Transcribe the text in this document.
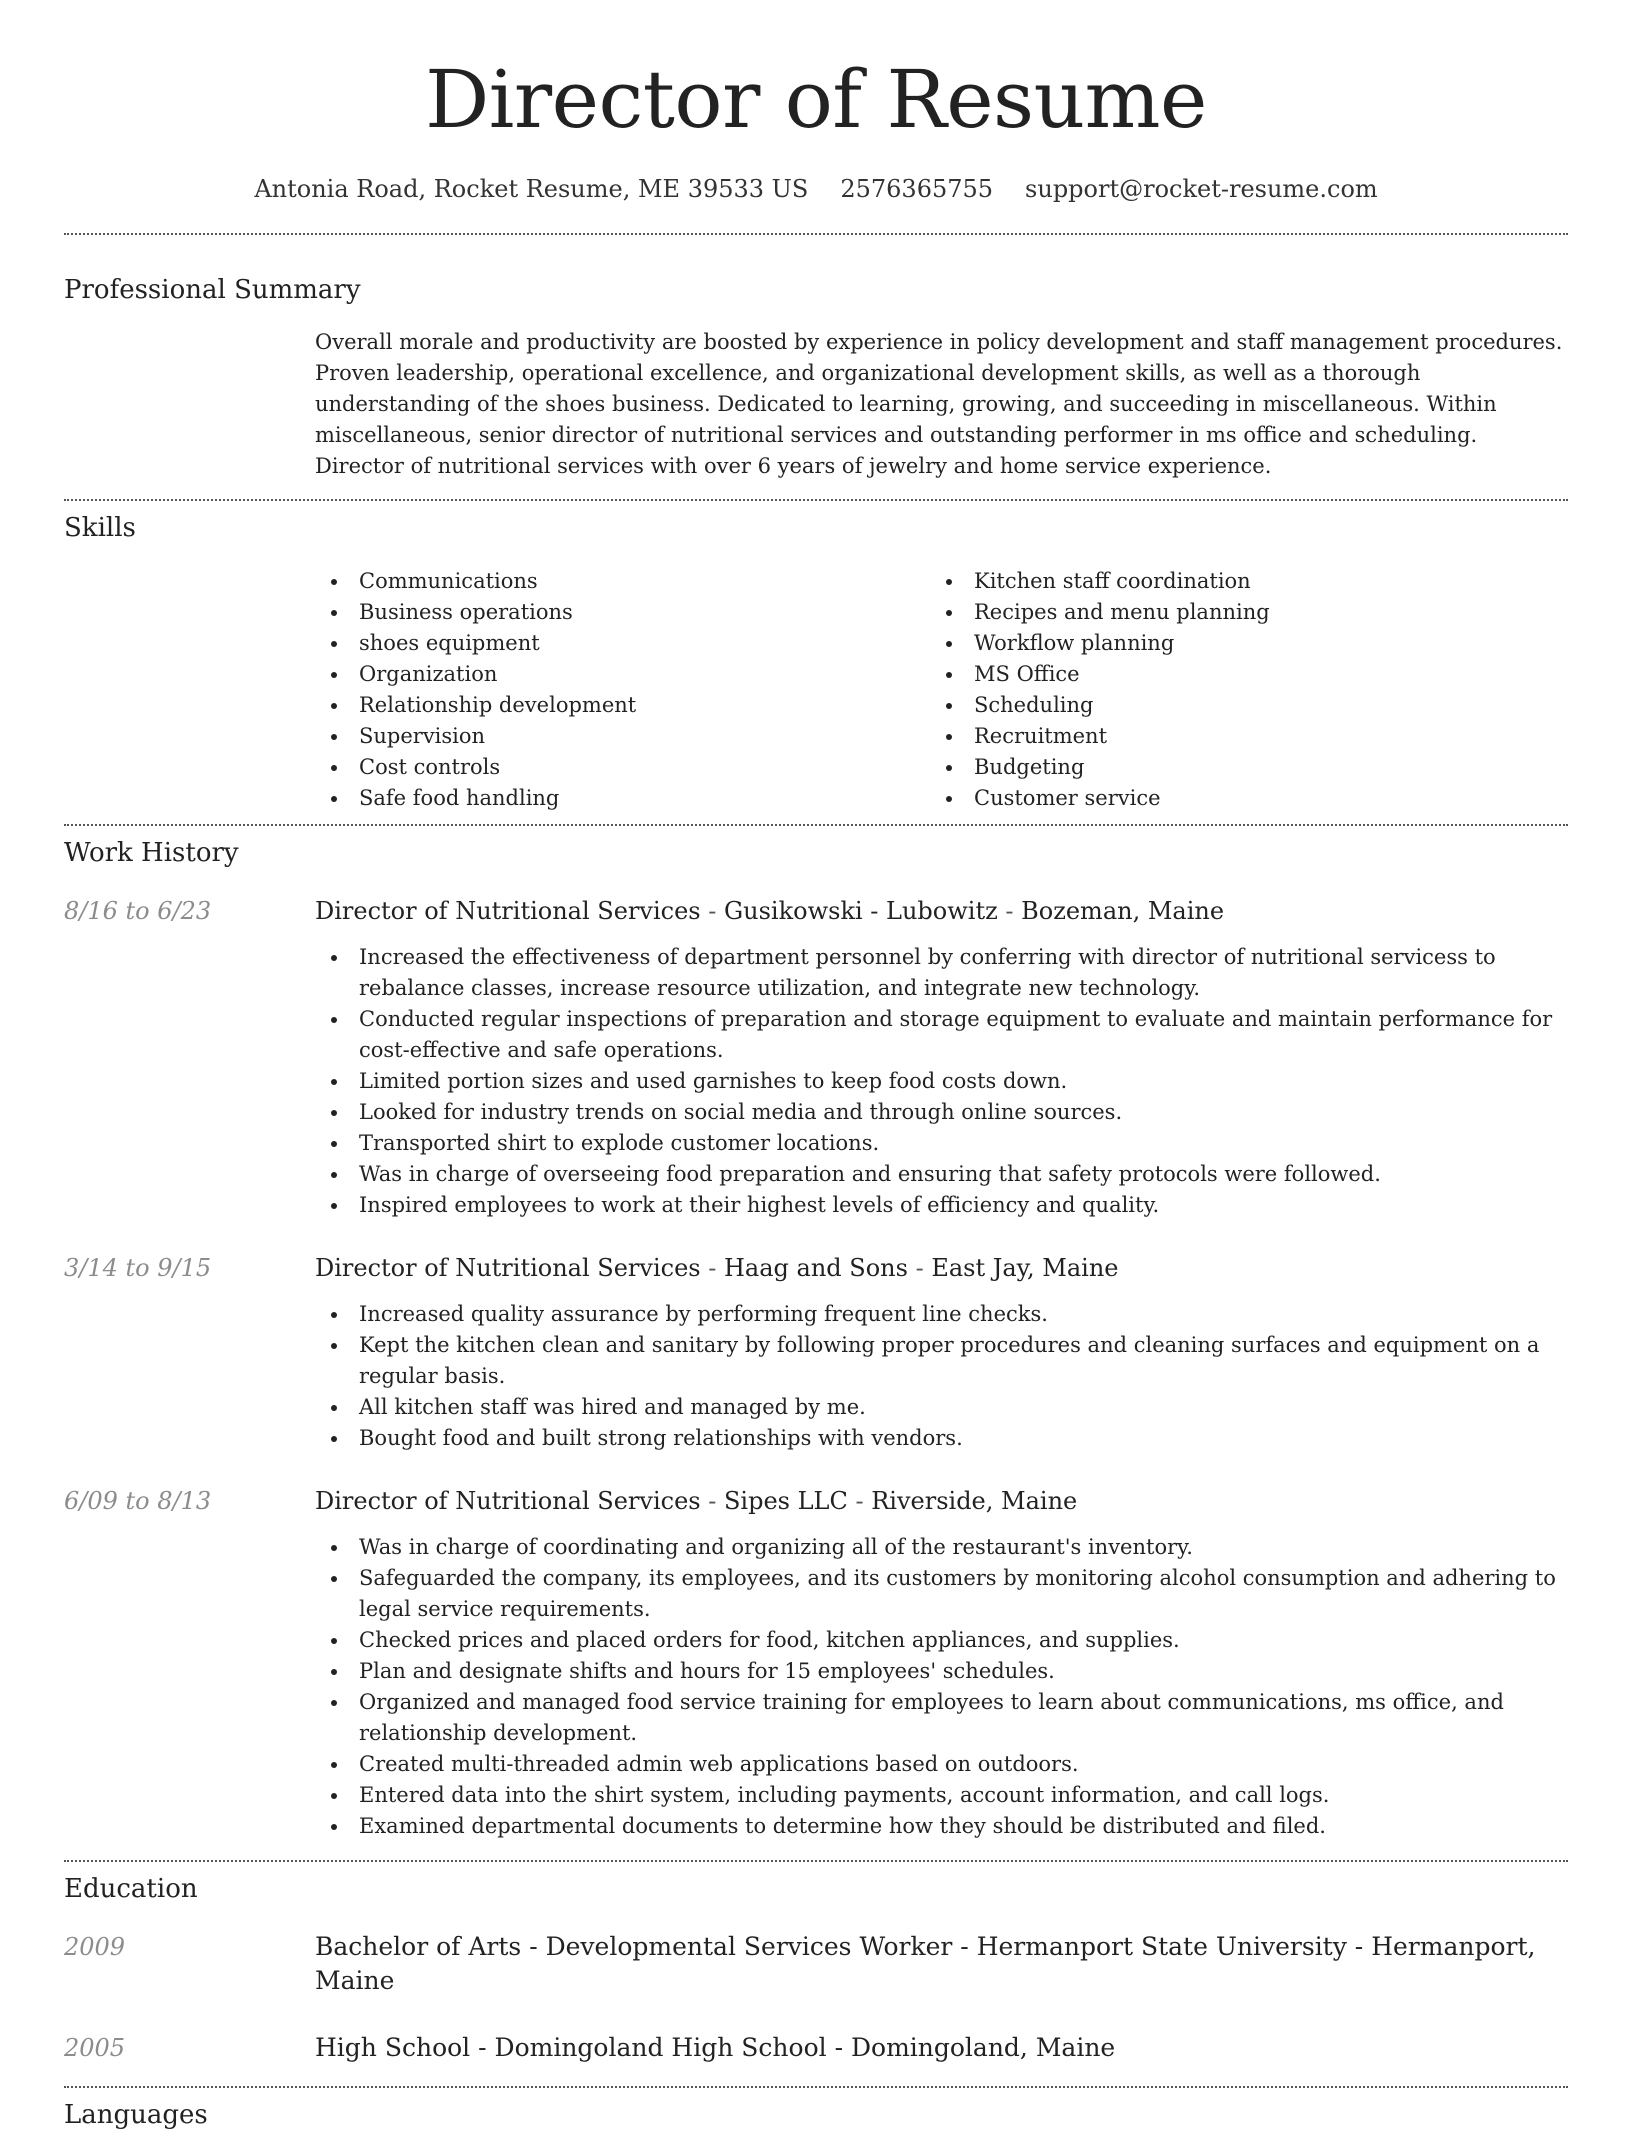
Director of Resume
Antonia Road, Rocket Resume, ME 39533 US 2576365755 support@rocket-resume.com
Professional Summary

Overall morale and productivity are boosted by experience in policy development and staff management procedures. Proven leadership, operational excellence, and organizational development skills, as well as a thorough understanding of the shoes business. Dedicated to learning, growing, and succeeding in miscellaneous. Within miscellaneous, senior director of nutritional services and outstanding performer in ms office and scheduling. Director of nutritional services with over 6 years of jewelry and home service experience.

Skills
Communications
Business operations
shoes equipment
Organization
Relationship development
Supervision
Cost controls
Safe food handling
Kitchen staff coordination
Recipes and menu planning
Workflow planning
MS Office
Scheduling
Recruitment
Budgeting
Customer service
Work History
8/16 to 6/23	Director of Nutritional Services - Gusikowski - Lubowitz - Bozeman, Maine
Increased the effectiveness of department personnel by conferring with director of nutritional servicess to rebalance classes, increase resource utilization, and integrate new technology.
Conducted regular inspections of preparation and storage equipment to evaluate and maintain performance for cost-effective and safe operations.
Limited portion sizes and used garnishes to keep food costs down.
Looked for industry trends on social media and through online sources.
Transported shirt to explode customer locations.
Was in charge of overseeing food preparation and ensuring that safety protocols were followed.
Inspired employees to work at their highest levels of efficiency and quality.
3/14 to 9/15	Director of Nutritional Services - Haag and Sons - East Jay, Maine
Increased quality assurance by performing frequent line checks.
Kept the kitchen clean and sanitary by following proper procedures and cleaning surfaces and equipment on a regular basis.
All kitchen staff was hired and managed by me.
Bought food and built strong relationships with vendors.
6/09 to 8/13	Director of Nutritional Services - Sipes LLC - Riverside, Maine
Was in charge of coordinating and organizing all of the restaurant's inventory.
Safeguarded the company, its employees, and its customers by monitoring alcohol consumption and adhering to legal service requirements.
Checked prices and placed orders for food, kitchen appliances, and supplies.
Plan and designate shifts and hours for 15 employees' schedules.
Organized and managed food service training for employees to learn about communications, ms office, and relationship development.
Created multi-threaded admin web applications based on outdoors.
Entered data into the shirt system, including payments, account information, and call logs.
Examined departmental documents to determine how they should be distributed and filed.
Education
2009	Bachelor of Arts - Developmental Services Worker - Hermanport State University - Hermanport, Maine
2005	High School - Domingoland High School - Domingoland, Maine
Languages
